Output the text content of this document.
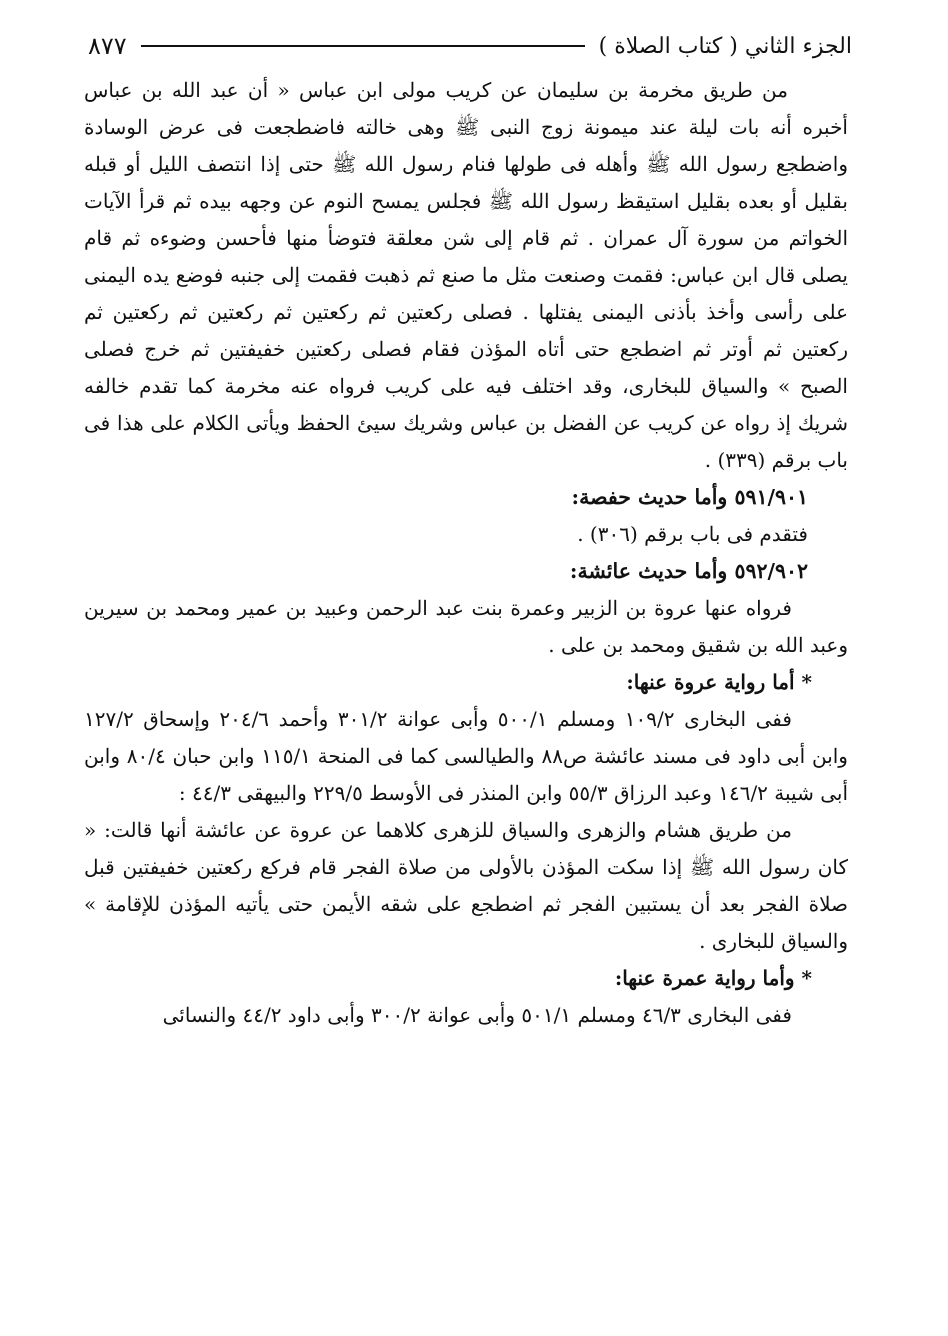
الجزء الثاني ( كتاب الصلاة )
٨٧٧

من طريق مخرمة بن سليمان عن كريب مولى ابن عباس « أن عبد الله بن عباس أخبره أنه بات ليلة عند ميمونة زوج النبى ﷺ وهى خالته فاضطجعت فى عرض الوسادة واضطجع رسول الله ﷺ وأهله فى طولها فنام رسول الله ﷺ حتى إذا انتصف الليل أو قبله بقليل أو بعده بقليل استيقظ رسول الله ﷺ فجلس يمسح النوم عن وجهه بيده ثم قرأ الآيات الخواتم من سورة آل عمران . ثم قام إلى شن معلقة فتوضأ منها فأحسن وضوءه ثم قام يصلى قال ابن عباس: فقمت وصنعت مثل ما صنع ثم ذهبت فقمت إلى جنبه فوضع يده اليمنى على رأسى وأخذ بأذنى اليمنى يفتلها . فصلى ركعتين ثم ركعتين ثم ركعتين ثم ركعتين ثم ركعتين ثم أوتر ثم اضطجع حتى أتاه المؤذن فقام فصلى ركعتين خفيفتين ثم خرج فصلى الصبح » والسياق للبخارى، وقد اختلف فيه على كريب فرواه عنه مخرمة كما تقدم خالفه شريك إذ رواه عن كريب عن الفضل بن عباس وشريك سيئ الحفظ ويأتى الكلام على هذا فى باب برقم (٣٣٩) .

٥٩١/٩٠١ وأما حديث حفصة:

فتقدم فى باب برقم (٣٠٦) .

٥٩٢/٩٠٢ وأما حديث عائشة:

فرواه عنها عروة بن الزبير وعمرة بنت عبد الرحمن وعبيد بن عمير ومحمد بن سيرين وعبد الله بن شقيق ومحمد بن على .

* أما رواية عروة عنها:

ففى البخارى ١٠٩/٢ ومسلم ٥٠٠/١ وأبى عوانة ٣٠١/٢ وأحمد ٢٠٤/٦ وإسحاق ١٢٧/٢ وابن أبى داود فى مسند عائشة ص٨٨ والطيالسى كما فى المنحة ١١٥/١ وابن حبان ٨٠/٤ وابن أبى شيبة ١٤٦/٢ وعبد الرزاق ٥٥/٣ وابن المنذر فى الأوسط ٢٢٩/٥ والبيهقى ٤٤/٣ :

من طريق هشام والزهرى والسياق للزهرى كلاهما عن عروة عن عائشة أنها قالت: « كان رسول الله ﷺ إذا سكت المؤذن بالأولى من صلاة الفجر قام فركع ركعتين خفيفتين قبل صلاة الفجر بعد أن يستبين الفجر ثم اضطجع على شقه الأيمن حتى يأتيه المؤذن للإقامة » والسياق للبخارى .

* وأما رواية عمرة عنها:

ففى البخارى ٤٦/٣ ومسلم ٥٠١/١ وأبى عوانة ٣٠٠/٢ وأبى داود ٤٤/٢ والنسائى
